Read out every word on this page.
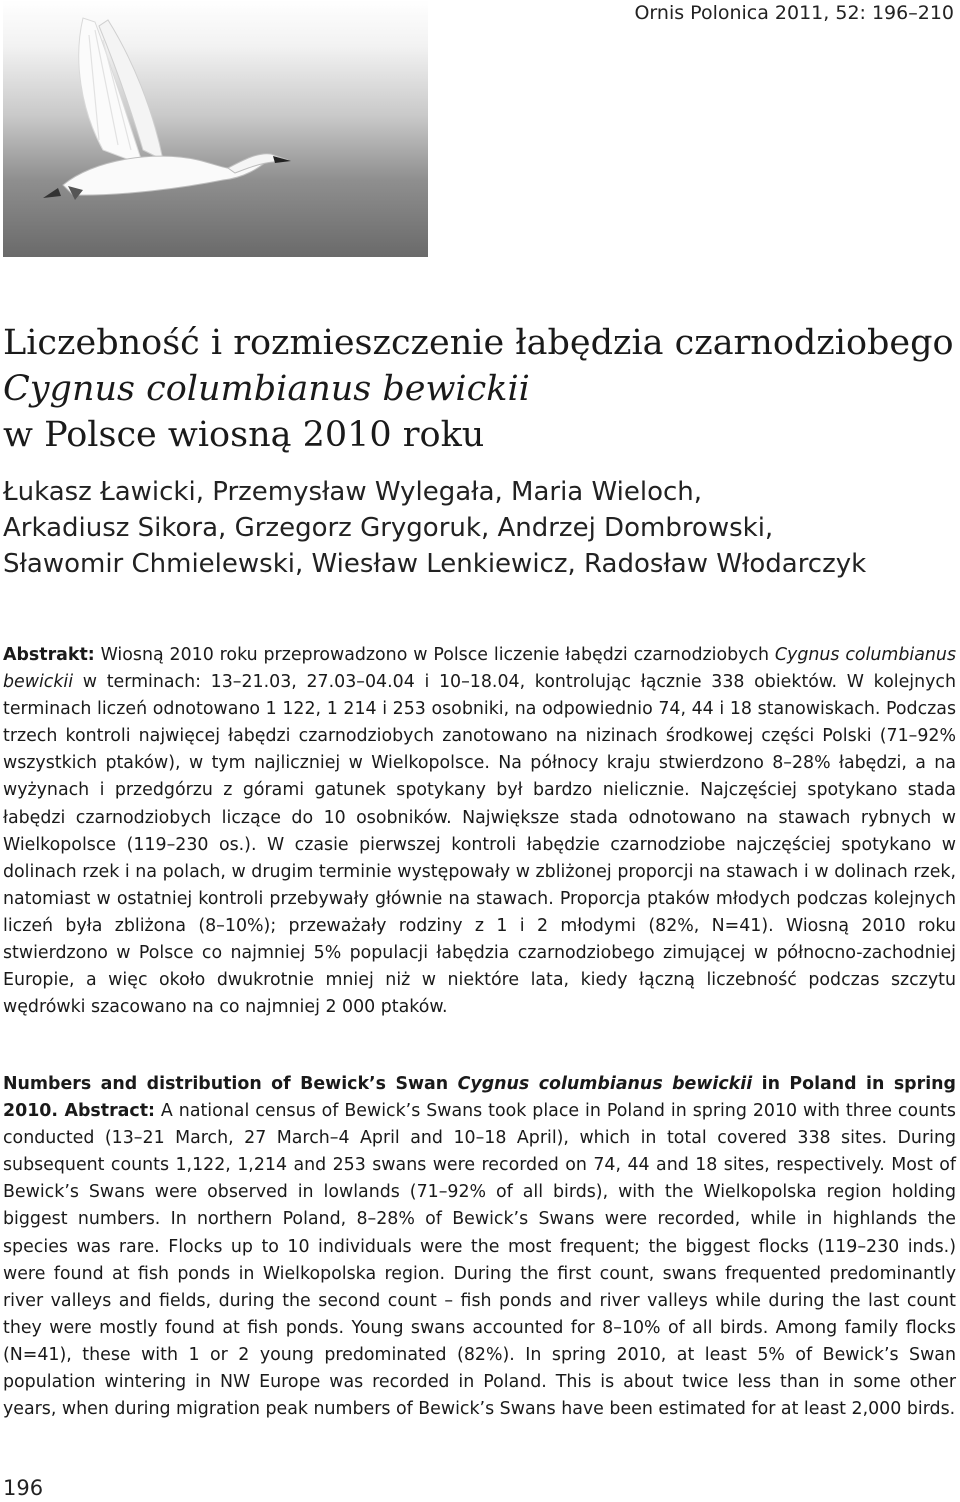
Ornis Polonica 2011, 52: 196–210
Liczebność i rozmieszczenie łabędzia czarnodziobego
Cygnus columbianus bewickii
w Polsce wiosną 2010 roku
Łukasz Ławicki, Przemysław Wylegała, Maria Wieloch,
Arkadiusz Sikora, Grzegorz Grygoruk, Andrzej Dombrowski,
Sławomir Chmielewski, Wiesław Lenkiewicz, Radosław Włodarczyk

Abstrakt: Wiosną 2010 roku przeprowadzono w Polsce liczenie łabędzi czarnodziobych Cygnus columbianus bewickii w terminach: 13–21.03, 27.03–04.04 i 10–18.04, kontrolując łącznie 338 obiektów. W kolejnych terminach liczeń odnotowano 1 122, 1 214 i 253 osobniki, na odpowiednio 74, 44 i 18 stanowiskach. Podczas trzech kontroli najwięcej łabędzi czarnodziobych zanotowano na nizinach środkowej części Polski (71–92% wszystkich ptaków), w tym najliczniej w Wielkopolsce. Na północy kraju stwierdzono 8–28% łabędzi, a na wyżynach i przedgórzu z górami gatunek spotykany był bardzo nielicznie. Najczęściej spotykano stada łabędzi czarnodziobych liczące do 10 osobników. Największe stada odnotowano na stawach rybnych w Wielkopolsce (119–230 os.). W czasie pierwszej kontroli łabędzie czarnodziobe najczęściej spotykano w dolinach rzek i na polach, w drugim terminie występowały w zbliżonej proporcji na stawach i w dolinach rzek, natomiast w ostatniej kontroli przebywały głównie na stawach. Proporcja ptaków młodych podczas kolejnych liczeń była zbliżona (8–10%); przeważały rodziny z 1 i 2 młodymi (82%, N=41). Wiosną 2010 roku stwierdzono w Polsce co najmniej 5% populacji łabędzia czarnodziobego zimującej w północno-zachodniej Europie, a więc około dwukrotnie mniej niż w niektóre lata, kiedy łączną liczebność podczas szczytu wędrówki szacowano na co najmniej 2 000 ptaków.

Numbers and distribution of Bewick’s Swan Cygnus columbianus bewickii in Poland in spring 2010. Abstract: A national census of Bewick’s Swans took place in Poland in spring 2010 with three counts conducted (13–21 March, 27 March–4 April and 10–18 April), which in total covered 338 sites. During subsequent counts 1,122, 1,214 and 253 swans were recorded on 74, 44 and 18 sites, respectively. Most of Bewick’s Swans were observed in lowlands (71–92% of all birds), with the Wielkopolska region holding biggest numbers. In northern Poland, 8–28% of Bewick’s Swans were recorded, while in highlands the species was rare. Flocks up to 10 individuals were the most frequent; the biggest flocks (119–230 inds.) were found at fish ponds in Wielkopolska region. During the first count, swans frequented predominantly river valleys and fields, during the second count – fish ponds and river valleys while during the last count they were mostly found at fish ponds. Young swans accounted for 8–10% of all birds. Among family flocks (N=41), these with 1 or 2 young predominated (82%). In spring 2010, at least 5% of Bewick’s Swan population wintering in NW Europe was recorded in Poland. This is about twice less than in some other years, when during migration peak numbers of Bewick’s Swans have been estimated for at least 2,000 birds.

196
